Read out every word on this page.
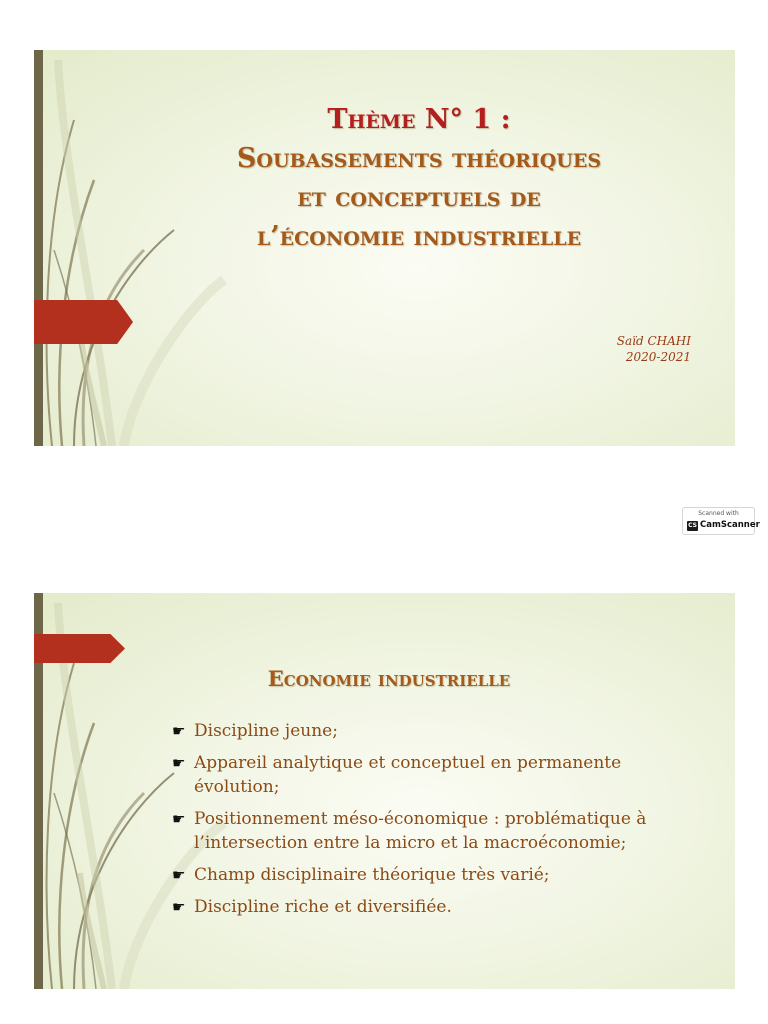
Thème N° 1 :
Soubassements théoriques
et conceptuels de
l’économie industrielle
Saïd CHAHI
2020-2021
Scanned with
CS CamScanner
Economie industrielle
☛ Discipline jeune;
☛ Appareil analytique et conceptuel en permanente évolution;
☛ Positionnement méso-économique : problématique à l’intersection entre la micro et la macroéconomie;
☛ Champ disciplinaire théorique très varié;
☛ Discipline riche et diversifiée.
